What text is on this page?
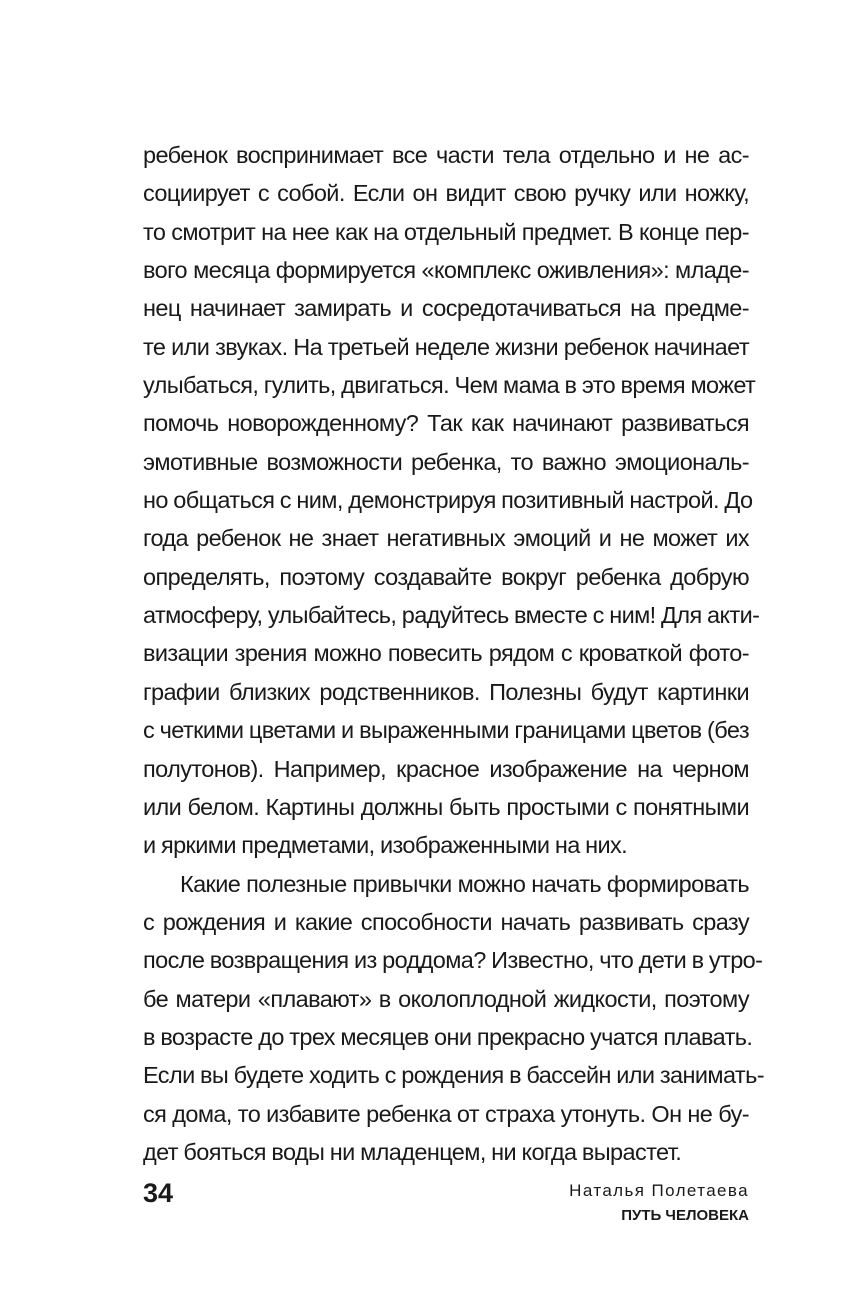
ребенок воспринимает все части тела отдельно и не ас-
социирует с собой. Если он видит свою ручку или ножку,
то смотрит на нее как на отдельный предмет. В конце пер-
вого месяца формируется «комплекс оживления»: младе-
нец начинает замирать и сосредотачиваться на предме-
те или звуках. На третьей неделе жизни ребенок начинает
улыбаться, гулить, двигаться. Чем мама в это время может
помочь новорожденному? Так как начинают развиваться
эмотивные возможности ребенка, то важно эмоциональ-
но общаться с ним, демонстрируя позитивный настрой. До
года ребенок не знает негативных эмоций и не может их
определять, поэтому создавайте вокруг ребенка добрую
атмосферу, улыбайтесь, радуйтесь вместе с ним! Для акти-
визации зрения можно повесить рядом с кроваткой фото-
графии близких родственников. Полезны будут картинки
с четкими цветами и выраженными границами цветов (без
полутонов). Например, красное изображение на черном
или белом. Картины должны быть простыми с понятными
и яркими предметами, изображенными на них.
Какие полезные привычки можно начать формировать
с рождения и какие способности начать развивать сразу
после возвращения из роддома? Известно, что дети в утро-
бе матери «плавают» в околоплодной жидкости, поэтому
в возрасте до трех месяцев они прекрасно учатся плавать.
Если вы будете ходить с рождения в бассейн или занимать-
ся дома, то избавите ребенка от страха утонуть. Он не бу-
дет бояться воды ни младенцем, ни когда вырастет.
34	Наталья Полетаева
ПУТЬ ЧЕЛОВЕКА
